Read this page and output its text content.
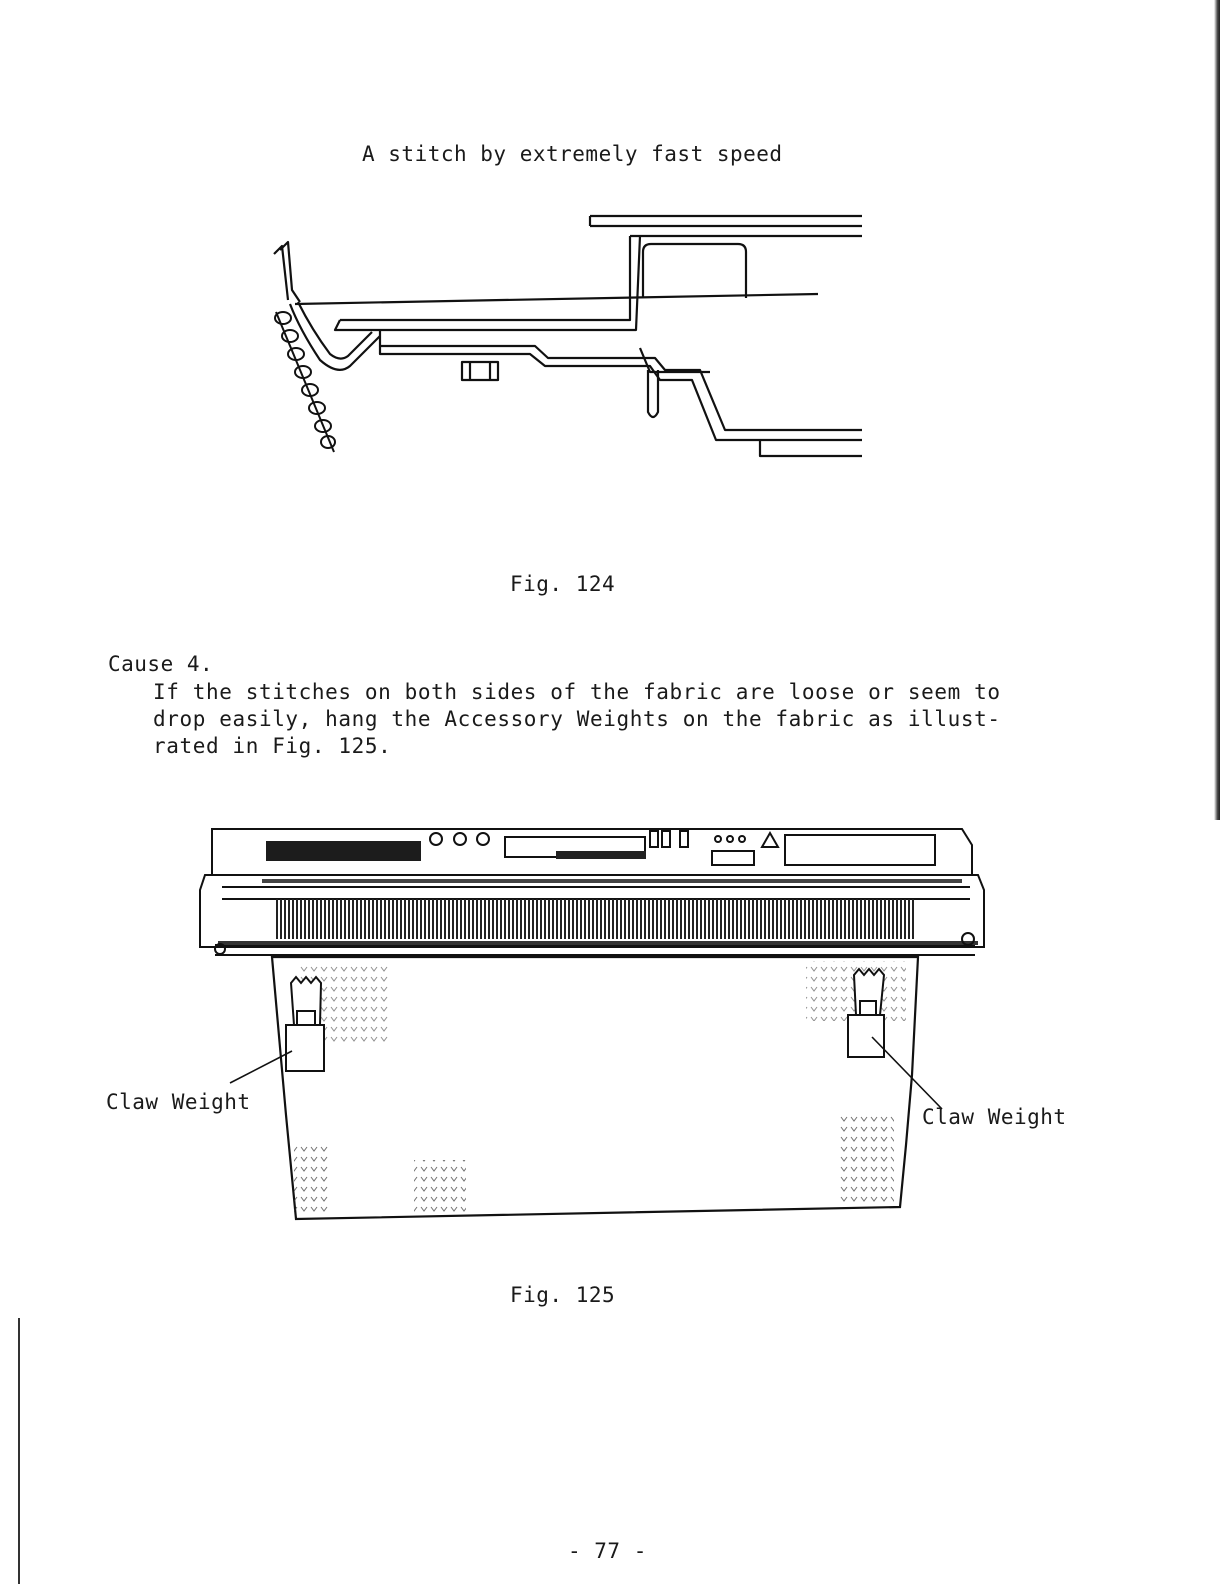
A stitch by extremely fast speed
Fig. 124
Cause 4.
If the stitches on both sides of the fabric are loose or seem to
drop easily, hang the Accessory Weights on the fabric as illust-
rated in Fig. 125.
Claw Weight
Claw Weight
Fig. 125
- 77 -
